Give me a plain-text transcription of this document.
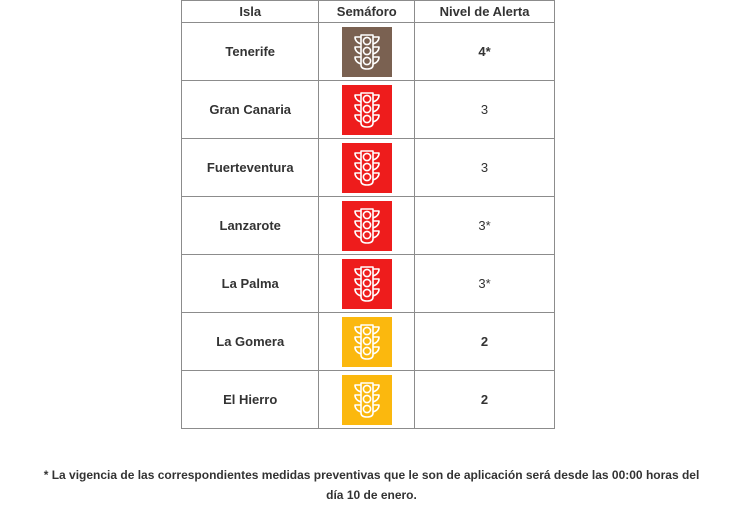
Isla	Semáforo	Nivel de Alerta
Tenerife		4*
Gran Canaria		3
Fuerteventura		3
Lanzarote		3*
La Palma		3*
La Gomera		2
El Hierro		2
* La vigencia de las correspondientes medidas preventivas que le son de aplicación será desde las 00:00 horas del
día 10 de enero.
